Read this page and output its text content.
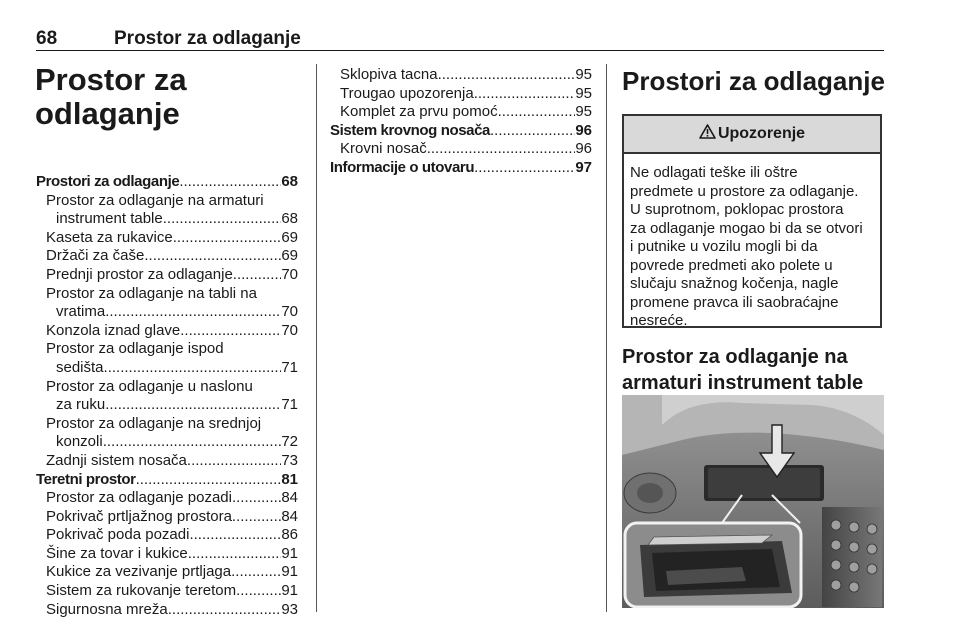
68	Prostor za odlaganje
Prostor za
odlaganje
Prostori za odlaganje .....	68
Prostor za odlaganje na armaturi
instrument table .....	68
Kaseta za rukavice .....	69
Držači za čaše .....	69
Prednji prostor za odlaganje .....	70
Prostor za odlaganje na tabli na
vratima .....	70
Konzola iznad glave .....	70
Prostor za odlaganje ispod
sedišta .....	71
Prostor za odlaganje u naslonu
za ruku .....	71
Prostor za odlaganje na srednjoj
konzoli .....	72
Zadnji sistem nosača .....	73
Teretni prostor .....	81
Prostor za odlaganje pozadi .....	84
Pokrivač prtljažnog prostora .....	84
Pokrivač poda pozadi .....	86
Šine za tovar i kukice .....	91
Kukice za vezivanje prtljaga .....	91
Sistem za rukovanje teretom .....	91
Sigurnosna mreža .....	93
Sklopiva tacna .....	95
Trougao upozorenja .....	95
Komplet za prvu pomoć .....	95
Sistem krovnog nosača .....	96
Krovni nosač .....	96
Informacije o utovaru .....	97
Prostori za odlaganje
Upozorenje
Ne odlagati teške ili oštre
predmete u prostore za odlaganje.
U suprotnom, poklopac prostora
za odlaganje mogao bi da se otvori
i putnike u vozilu mogli bi da
povrede predmeti ako polete u
slučaju snažnog kočenja, nagle
promene pravca ili saobraćajne
nesreće.
Prostor za odlaganje na
armaturi instrument table
